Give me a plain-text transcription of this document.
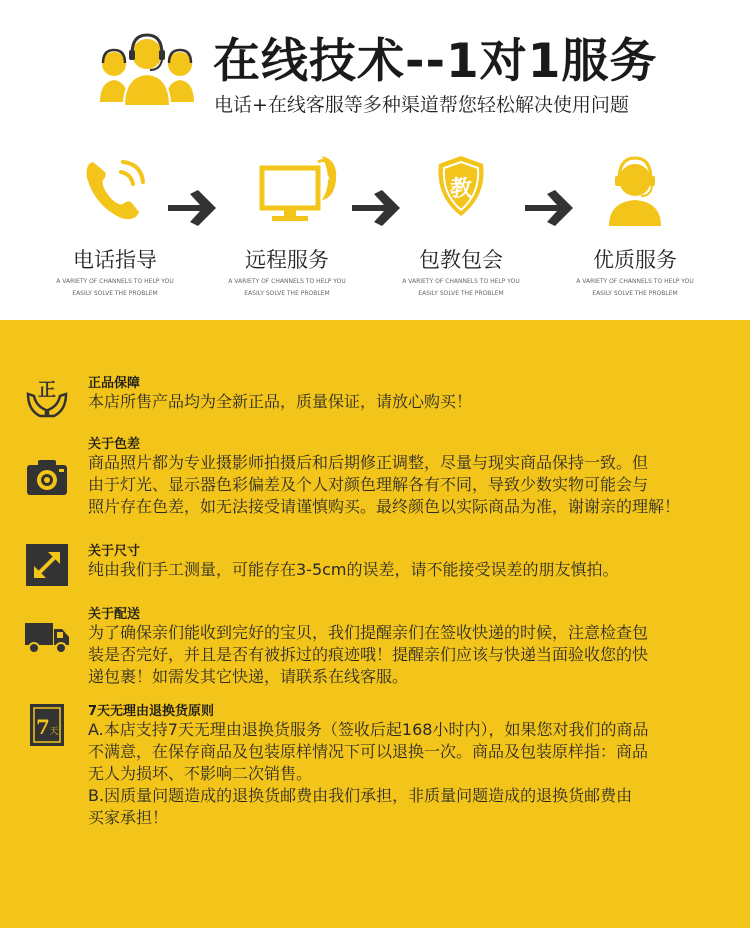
在线技术--1对1服务
电话+在线客服等多种渠道帮您轻松解决使用问题
电话指导
A VARIETY OF CHANNELS TO HELP YOU
EASILY SOLVE THE PROBLEM
远程服务
A VARIETY OF CHANNELS TO HELP YOU
EASILY SOLVE THE PROBLEM
教
包教包会
A VARIETY OF CHANNELS TO HELP YOU
EASILY SOLVE THE PROBLEM
优质服务
A VARIETY OF CHANNELS TO HELP YOU
EASILY SOLVE THE PROBLEM
正 正品保障
本店所售产品均为全新正品，质量保证，请放心购买！
关于色差
商品照片都为专业摄影师拍摄后和后期修正调整，尽量与现实商品保持一致。但
由于灯光、显示器色彩偏差及个人对颜色理解各有不同，导致少数实物可能会与
照片存在色差，如无法接受请谨慎购买。最终颜色以实际商品为准，谢谢亲的理解！
关于尺寸
纯由我们手工测量，可能存在3-5cm的误差，请不能接受误差的朋友慎拍。
关于配送
为了确保亲们能收到完好的宝贝，我们提醒亲们在签收快递的时候，注意检查包
装是否完好，并且是否有被拆过的痕迹哦！提醒亲们应该与快递当面验收您的快
递包裹！如需发其它快递，请联系在线客服。
7 天
7天无理由退换货原则
A.本店支持7天无理由退换货服务（签收后起168小时内），如果您对我们的商品
不满意，在保存商品及包装原样情况下可以退换一次。商品及包装原样指：商品
无人为损坏、不影响二次销售。
B.因质量问题造成的退换货邮费由我们承担，非质量问题造成的退换货邮费由
买家承担！
